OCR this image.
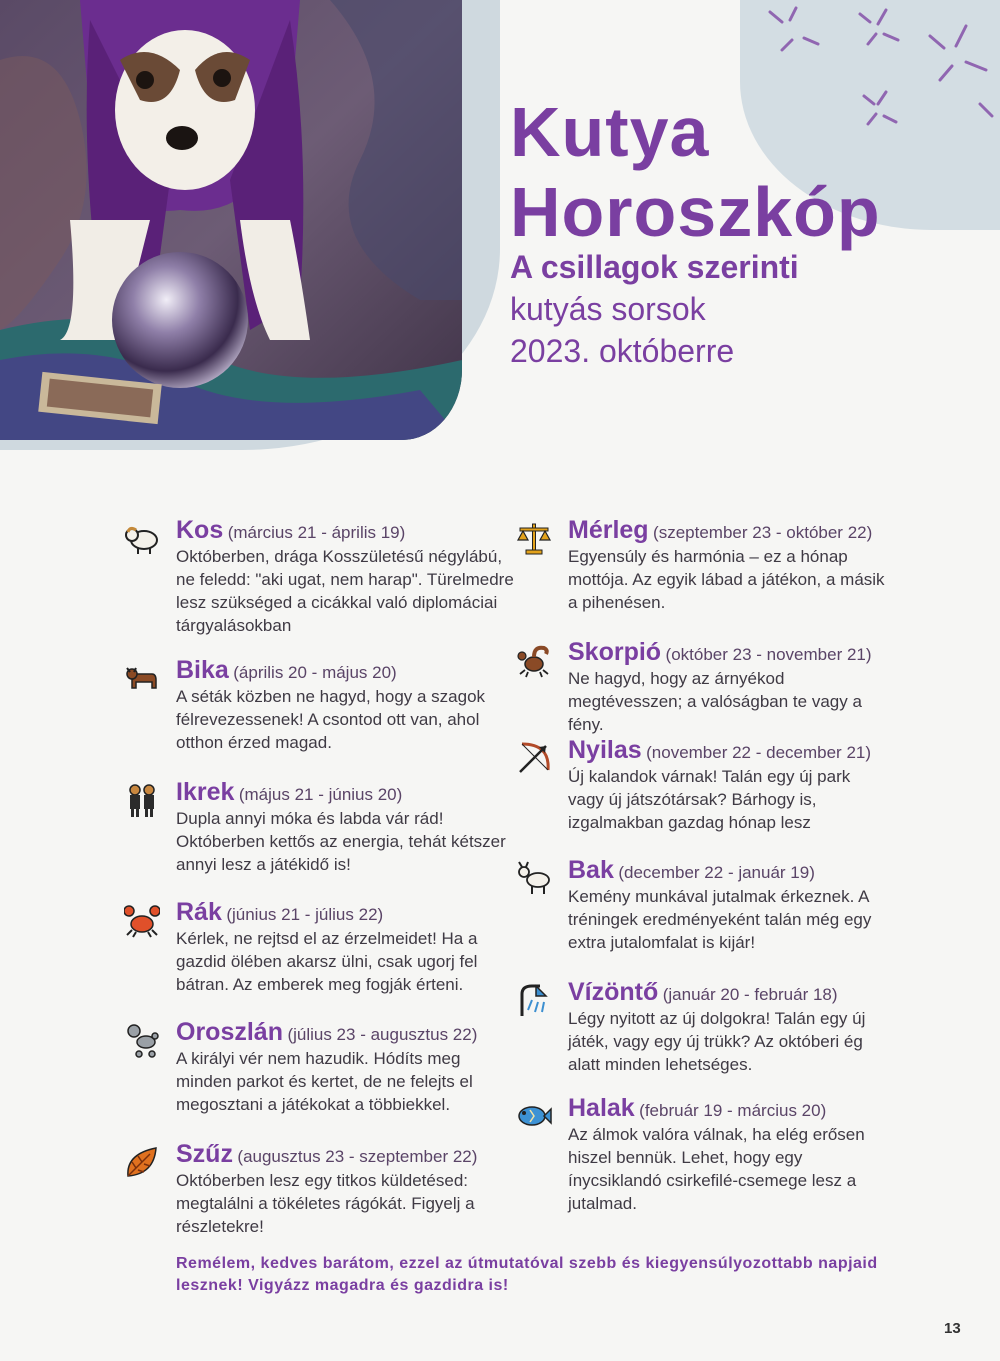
Kutya
Horoszkóp
A csillagok szerinti
kutyás sorsok
2023. októberre
Kos (március 21 - április 19)

Októberben, drága Kosszületésű négylábú, ne feledd: "aki ugat, nem harap". Türelmedre lesz szükséged a cicákkal való diplomáciai tárgyalásokban

Bika (április 20 - május 20)

A séták közben ne hagyd, hogy a szagok félrevezessenek! A csontod ott van, ahol otthon érzed magad.

Ikrek (május 21 - június 20)

Dupla annyi móka és labda vár rád! Októberben kettős az energia, tehát kétszer annyi lesz a játékidő is!

Rák (június 21 - július 22)

Kérlek, ne rejtsd el az érzelmeidet! Ha a gazdid ölében akarsz ülni, csak ugorj fel bátran. Az emberek meg fogják érteni.

Oroszlán (július 23 - augusztus 22)

A királyi vér nem hazudik. Hódíts meg minden parkot és kertet, de ne felejts el megosztani a játékokat a többiekkel.

Szűz (augusztus 23 - szeptember 22)

Októberben lesz egy titkos küldetésed: megtalálni a tökéletes rágókát. Figyelj a részletekre!

Mérleg (szeptember 23 - október 22)

Egyensúly és harmónia – ez a hónap mottója. Az egyik lábad a játékon, a másik a pihenésen.

Skorpió (október 23 - november 21)

Ne hagyd, hogy az árnyékod megtévesszen; a valóságban te vagy a fény.

Nyilas (november 22 - december 21)

Új kalandok várnak! Talán egy új park vagy új játszótársak? Bárhogy is, izgalmakban gazdag hónap lesz

Bak (december 22 - január 19)

Kemény munkával jutalmak érkeznek. A tréningek eredményeként talán még egy extra jutalomfalat is kijár!

Vízöntő (január 20 - február 18)

Légy nyitott az új dolgokra! Talán egy új játék, vagy egy új trükk? Az októberi ég alatt minden lehetséges.

Halak (február 19 - március 20)

Az álmok valóra válnak, ha elég erősen hiszel bennük. Lehet, hogy egy ínycsiklandó csirkefilé-csemege lesz a jutalmad.

Remélem, kedves barátom, ezzel az útmutatóval szebb és kiegyensúlyozottabb napjaid lesznek! Vigyázz magadra és gazdidra is!

13
